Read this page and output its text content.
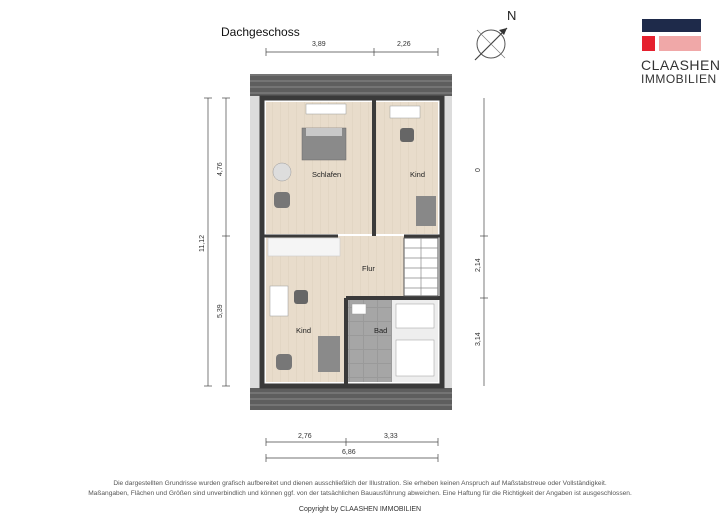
Dachgeschoss
CLAASHEN
IMMOBILIEN
N
Schlafen	Kind
Flur
Kind	Bad
3,89	2,26
11,12
4,76
5,39
0
2,14
3,14
2,76	3,33
6,86
Die dargestellten Grundrisse wurden grafisch aufbereitet und dienen ausschließlich der Illustration. Sie erheben keinen Anspruch auf Maßstabstreue oder Vollständigkeit.
Maßangaben, Flächen und Größen sind unverbindlich und können ggf. von der tatsächlichen Bauausführung abweichen. Eine Haftung für die Richtigkeit der Angaben ist ausgeschlossen.
Copyright by CLAASHEN IMMOBILIEN
